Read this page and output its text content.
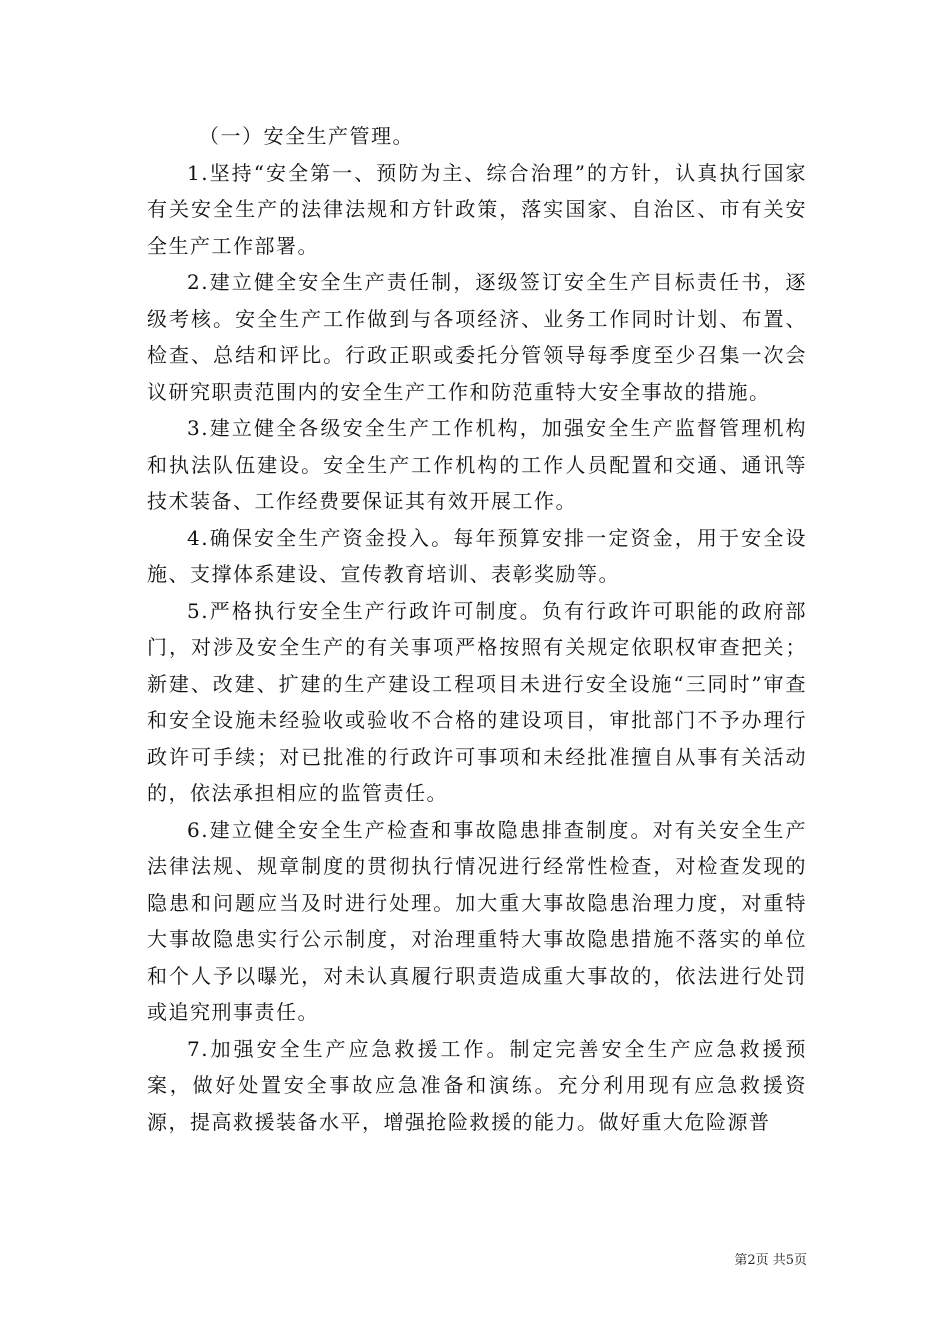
（一）安全生产管理。

1.坚持“安全第一、预防为主、综合治理”的方针，认真执行国家有关安全生产的法律法规和方针政策，落实国家、自治区、市有关安全生产工作部署。

2.建立健全安全生产责任制，逐级签订安全生产目标责任书，逐级考核。安全生产工作做到与各项经济、业务工作同时计划、布置、检查、总结和评比。行政正职或委托分管领导每季度至少召集一次会议研究职责范围内的安全生产工作和防范重特大安全事故的措施。

3.建立健全各级安全生产工作机构，加强安全生产监督管理机构和执法队伍建设。安全生产工作机构的工作人员配置和交通、通讯等技术装备、工作经费要保证其有效开展工作。

4.确保安全生产资金投入。每年预算安排一定资金，用于安全设施、支撑体系建设、宣传教育培训、表彰奖励等。

5.严格执行安全生产行政许可制度。负有行政许可职能的政府部门，对涉及安全生产的有关事项严格按照有关规定依职权审查把关；新建、改建、扩建的生产建设工程项目未进行安全设施“三同时”审查和安全设施未经验收或验收不合格的建设项目，审批部门不予办理行政许可手续；对已批准的行政许可事项和未经批准擅自从事有关活动的，依法承担相应的监管责任。

6.建立健全安全生产检查和事故隐患排查制度。对有关安全生产法律法规、规章制度的贯彻执行情况进行经常性检查，对检查发现的隐患和问题应当及时进行处理。加大重大事故隐患治理力度，对重特大事故隐患实行公示制度，对治理重特大事故隐患措施不落实的单位和个人予以曝光，对未认真履行职责造成重大事故的，依法进行处罚或追究刑事责任。

7.加强安全生产应急救援工作。制定完善安全生产应急救援预案，做好处置安全事故应急准备和演练。充分利用现有应急救援资源，提高救援装备水平，增强抢险救援的能力。做好重大危险源普

第2页 共5页
